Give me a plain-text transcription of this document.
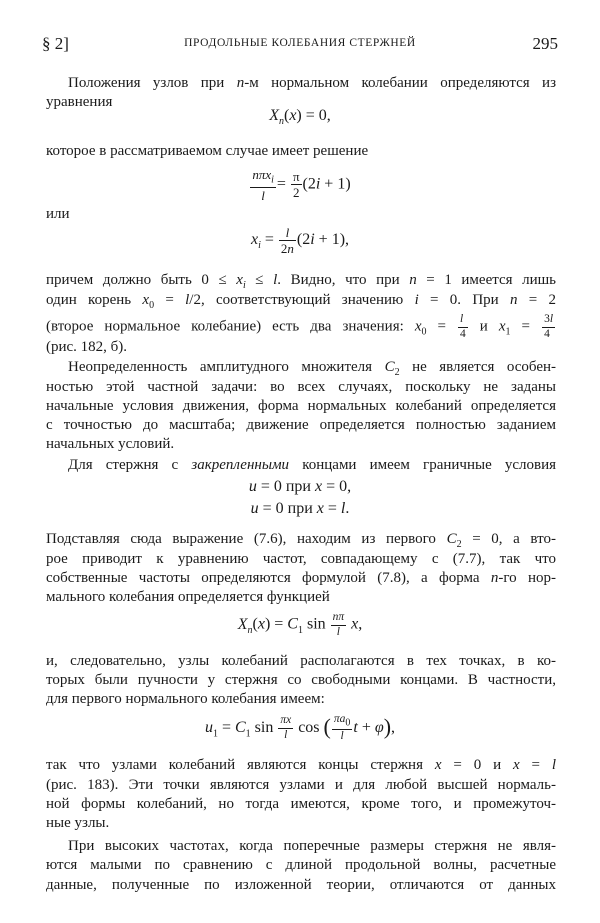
§ 2]	ПРОДОЛЬНЫЕ КОЛЕБАНИЯ СТЕРЖНЕЙ	295
Положения узлов при n-м нормальном колебании определяются из
уравнения
$X_n(x) = 0$,
которое в рассматриваемом случае имеет решение
$\frac{n\pi x_i}{l} = \frac{\pi}{2} (2i + 1)$
или
$x_i = \frac{l}{2n} (2i + 1)$,
причем должно быть $0 \le x_i \le l$. Видно, что при n = 1 имеется лишь
один корень $x_0 = l/2$, соответствующий значению i = 0. При n = 2
(второе нормальное колебание) есть два значения: $x_0 = \frac{l}{4}$ и $x_1 = \frac{3l}{4}$
(рис. 182, б).
Неопределенность амплитудного множителя $C_2$ не является особен-
ностью этой частной задачи: во всех случаях, поскольку не заданы
начальные условия движения, форма нормальных колебаний определяется
с точностью до масштаба; движение определяется полностью заданием
начальных условий.
Для стержня с закрепленными концами имеем граничные условия
u = 0 при x = 0,
u = 0 при x = l.
Подставляя сюда выражение (7.6), находим из первого $C_2 = 0$, а вто-
рое приводит к уравнению частот, совпадающему с (7.7), так что
собственные частоты определяются формулой (7.8), а форма n-го нор-
мального колебания определяется функцией
$X_n(x) = C_1$ $\sin \frac{n\pi}{l} x$,
и, следовательно, узлы колебаний располагаются в тех точках, в ко-
торых были пучности у стержня со свободными концами. В частности,
для первого нормального колебания имеем:
$u_1 = C_1$ $\sin \frac{\pi x}{l}$ cos ( $\frac{\pi a_0}{l}$ t + φ),
так что узлами колебаний являются концы стержня x = 0 и x = l
(рис. 183). Эти точки являются узлами и для любой высшей нормаль-
ной формы колебаний, но тогда имеются, кроме того, и промежуточ-
ные узлы.
При высоких частотах, когда поперечные размеры стержня не явля-
ются малыми по сравнению с длиной продольной волны, расчетные
данные, полученные по изложенной теории, отличаются от данных
